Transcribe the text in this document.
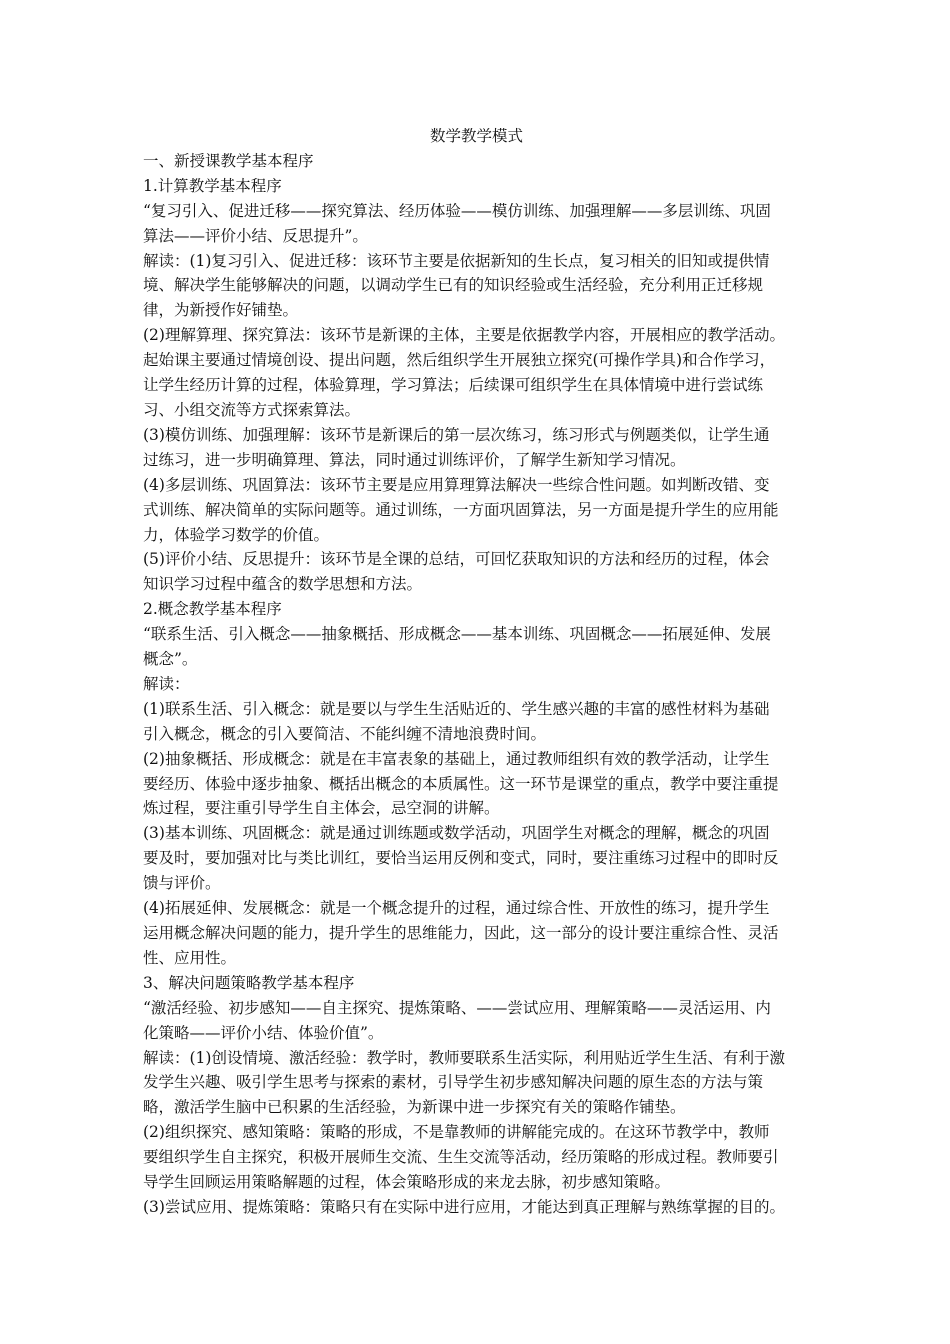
数学教学模式

一、新授课教学基本程序

1.计算教学基本程序

“复习引入、促进迁移——探究算法、经历体验——模仿训练、加强理解——多层训练、巩固

算法——评价小结、反思提升”。

解读：(1)复习引入、促进迁移：该环节主要是依据新知的生长点，复习相关的旧知或提供情

境、解决学生能够解决的问题，以调动学生已有的知识经验或生活经验，充分利用正迁移规

律，为新授作好铺垫。

(2)理解算理、探究算法：该环节是新课的主体，主要是依据教学内容，开展相应的教学活动。

起始课主要通过情境创设、提出问题，然后组织学生开展独立探究(可操作学具)和合作学习，

让学生经历计算的过程，体验算理，学习算法；后续课可组织学生在具体情境中进行尝试练

习、小组交流等方式探索算法。

(3)模仿训练、加强理解：该环节是新课后的第一层次练习，练习形式与例题类似，让学生通

过练习，进一步明确算理、算法，同时通过训练评价，了解学生新知学习情况。

(4)多层训练、巩固算法：该环节主要是应用算理算法解决一些综合性问题。如判断改错、变

式训练、解决简单的实际问题等。通过训练，一方面巩固算法，另一方面是提升学生的应用能

力，体验学习数学的价值。

(5)评价小结、反思提升：该环节是全课的总结，可回忆获取知识的方法和经历的过程，体会

知识学习过程中蕴含的数学思想和方法。

2.概念教学基本程序

“联系生活、引入概念——抽象概括、形成概念——基本训练、巩固概念——拓展延伸、发展

概念”。

解读：

(1)联系生活、引入概念：就是要以与学生生活贴近的、学生感兴趣的丰富的感性材料为基础

引入概念，概念的引入要简洁、不能纠缠不清地浪费时间。

(2)抽象概括、形成概念：就是在丰富表象的基础上，通过教师组织有效的教学活动，让学生

要经历、体验中逐步抽象、概括出概念的本质属性。这一环节是课堂的重点，教学中要注重提

炼过程，要注重引导学生自主体会，忌空洞的讲解。

(3)基本训练、巩固概念：就是通过训练题或数学活动，巩固学生对概念的理解，概念的巩固

要及时，要加强对比与类比训红，要恰当运用反例和变式，同时，要注重练习过程中的即时反

馈与评价。

(4)拓展延伸、发展概念：就是一个概念提升的过程，通过综合性、开放性的练习，提升学生

运用概念解决问题的能力，提升学生的思维能力，因此，这一部分的设计要注重综合性、灵活

性、应用性。

3、解决问题策略教学基本程序

“激活经验、初步感知——自主探究、提炼策略、——尝试应用、理解策略——灵活运用、内

化策略——评价小结、体验价值”。

解读：(1)创设情境、激活经验：教学时，教师要联系生活实际，利用贴近学生生活、有利于激

发学生兴趣、吸引学生思考与探索的素材，引导学生初步感知解决问题的原生态的方法与策

略，激活学生脑中已积累的生活经验，为新课中进一步探究有关的策略作铺垫。

(2)组织探究、感知策略：策略的形成，不是靠教师的讲解能完成的。在这环节教学中，教师

要组织学生自主探究，积极开展师生交流、生生交流等活动，经历策略的形成过程。教师要引

导学生回顾运用策略解题的过程，体会策略形成的来龙去脉，初步感知策略。

(3)尝试应用、提炼策略：策略只有在实际中进行应用，才能达到真正理解与熟练掌握的目的。
